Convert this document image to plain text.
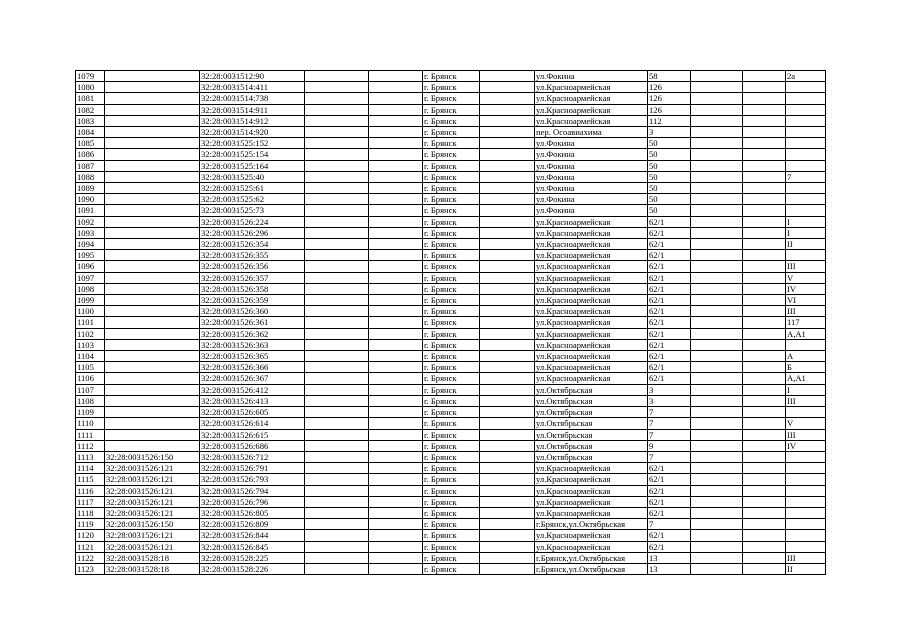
1079		32:28:0031512:90			г. Брянск		ул.Фокина	58			2а
1080		32:28:0031514:411			г. Брянск		ул.Красноармейская	126			
1081		32:28:0031514:738			г. Брянск		ул.Красноармейская	126			
1082		32:28:0031514:911			г. Брянск		ул.Красноармейская	126			
1083		32:28:0031514:912			г. Брянск		ул.Красноармейская	112			
1084		32:28:0031514:920			г. Брянск		пер. Осоавиахима	3			
1085		32:28:0031525:152			г. Брянск		ул.Фокина	50			
1086		32:28:0031525:154			г. Брянск		ул.Фокина	50			
1087		32:28:0031525:164			г. Брянск		ул.Фокина	50			
1088		32:28:0031525:40			г. Брянск		ул.Фокина	50			7
1089		32:28:0031525:61			г. Брянск		ул.Фокина	50			
1090		32:28:0031525:62			г. Брянск		ул.Фокина	50			
1091		32:28:0031525:73			г. Брянск		ул.Фокина	50			
1092		32:28:0031526:224			г. Брянск		ул.Красноармейская	62/1			I
1093		32:28:0031526:296			г. Брянск		ул.Красноармейская	62/1			I
1094		32:28:0031526:354			г. Брянск		ул.Красноармейская	62/1			II
1095		32:28:0031526:355			г. Брянск		ул.Красноармейская	62/1			
1096		32:28:0031526:356			г. Брянск		ул.Красноармейская	62/1			III
1097		32:28:0031526:357			г. Брянск		ул.Красноармейская	62/1			V
1098		32:28:0031526:358			г. Брянск		ул.Красноармейская	62/1			IV
1099		32:28:0031526:359			г. Брянск		ул.Красноармейская	62/1			VI
1100		32:28:0031526:360			г. Брянск		ул.Красноармейская	62/1			III
1101		32:28:0031526:361			г. Брянск		ул.Красноармейская	62/1			117
1102		32:28:0031526:362			г. Брянск		ул.Красноармейская	62/1			А,А1
1103		32:28:0031526:363			г. Брянск		ул.Красноармейская	62/1			
1104		32:28:0031526:365			г. Брянск		ул.Красноармейская	62/1			А
1105		32:28:0031526:366			г. Брянск		ул.Красноармейская	62/1			Б
1106		32:28:0031526:367			г. Брянск		ул.Красноармейская	62/1			А,А1
1107		32:28:0031526:412			г. Брянск		ул.Октябрьская	3			I
1108		32:28:0031526:413			г. Брянск		ул.Октябрьская	3			III
1109		32:28:0031526:605			г. Брянск		ул.Октябрьская	7			
1110		32:28:0031526:614			г. Брянск		ул.Октябрьская	7			V
1111		32:28:0031526:615			г. Брянск		ул.Октябрьская	7			III
1112		32:28:0031526:686			г. Брянск		ул.Октябрьская	9			IV
1113	32:28:0031526:150	32:28:0031526:712			г. Брянск		ул.Октябрьская	7			
1114	32:28:0031526:121	32:28:0031526:791			г. Брянск		ул.Красноармейская	62/1			
1115	32:28:0031526:121	32:28:0031526:793			г. Брянск		ул.Красноармейская	62/1			
1116	32:28:0031526:121	32:28:0031526:794			г. Брянск		ул.Красноармейская	62/1			
1117	32:28:0031526:121	32:28:0031526:796			г. Брянск		ул.Красноармейская	62/1			
1118	32:28:0031526:121	32:28:0031526:805			г. Брянск		ул.Красноармейская	62/1			
1119	32:28:0031526:150	32:28:0031526:809			г. Брянск		г.Брянск,ул.Октябрьская	7			
1120	32:28:0031526:121	32:28:0031526:844			г. Брянск		ул.Красноармейская	62/1			
1121	32:28:0031526:121	32:28:0031526:845			г. Брянск		ул.Красноармейская	62/1			
1122	32:28:0031528:18	32:28:0031528:225			г. Брянск		г.Брянск,ул.Октябрьская	13			III
1123	32:28:0031528:18	32:28:0031528:226			г. Брянск		г.Брянск,ул.Октябрьская	13			II
